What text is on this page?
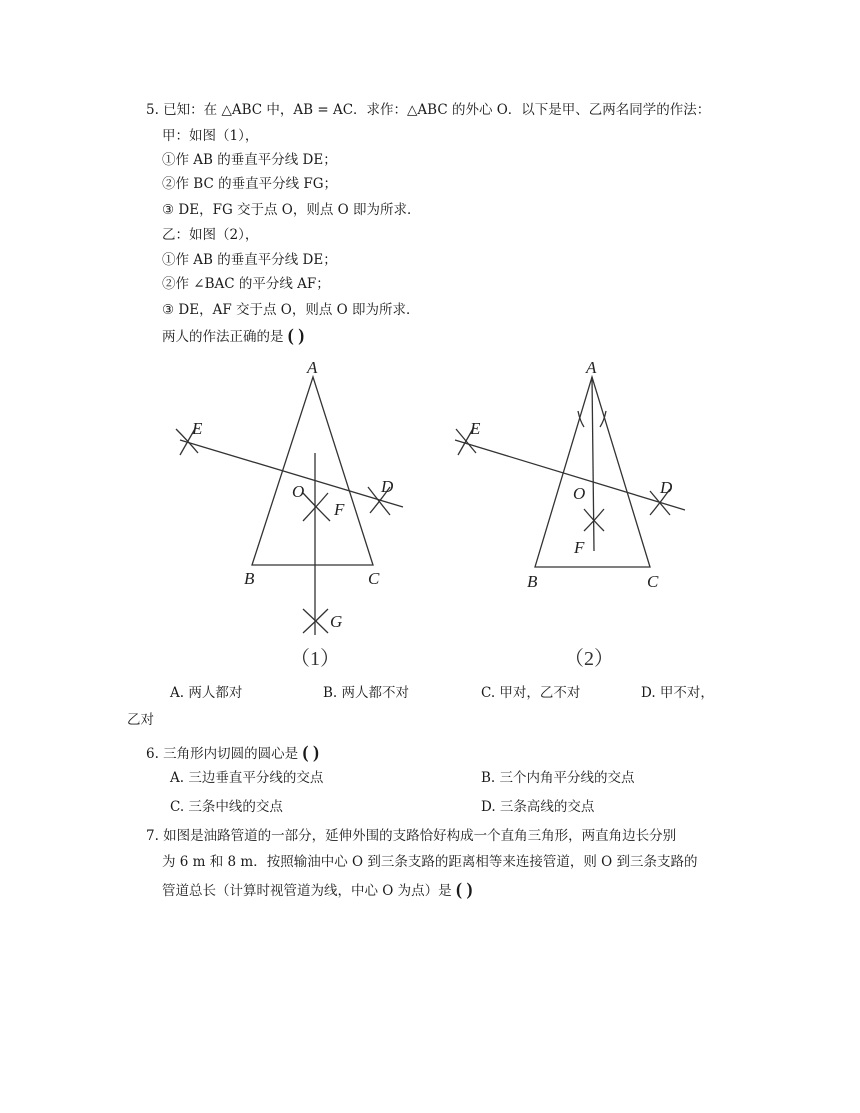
5. 已知：在 △ABC 中，AB = AC．求作：△ABC 的外心 O．以下是甲、乙两名同学的作法：
甲：如图（1），
①作 AB 的垂直平分线 DE；
②作 BC 的垂直平分线 FG；
③ DE，FG 交于点 O，则点 O 即为所求．
乙：如图（2），
①作 AB 的垂直平分线 DE；
②作 ∠BAC 的平分线 AF；
③ DE，AF 交于点 O，则点 O 即为所求．
两人的作法正确的是 ( )
A
B	C
D
E
F
G
O
（1）
A
B	C
D
E
F
O
（2）
A. 两人都对	B. 两人都不对	C. 甲对，乙不对	D. 甲不对，
乙对
6. 三角形内切圆的圆心是 ( )
A. 三边垂直平分线的交点	B. 三个内角平分线的交点
C. 三条中线的交点	D. 三条高线的交点
7. 如图是油路管道的一部分，延伸外围的支路恰好构成一个直角三角形，两直角边长分别
为 6 m 和 8 m．按照输油中心 O 到三条支路的距离相等来连接管道，则 O 到三条支路的
管道总长（计算时视管道为线，中心 O 为点）是 ( )
